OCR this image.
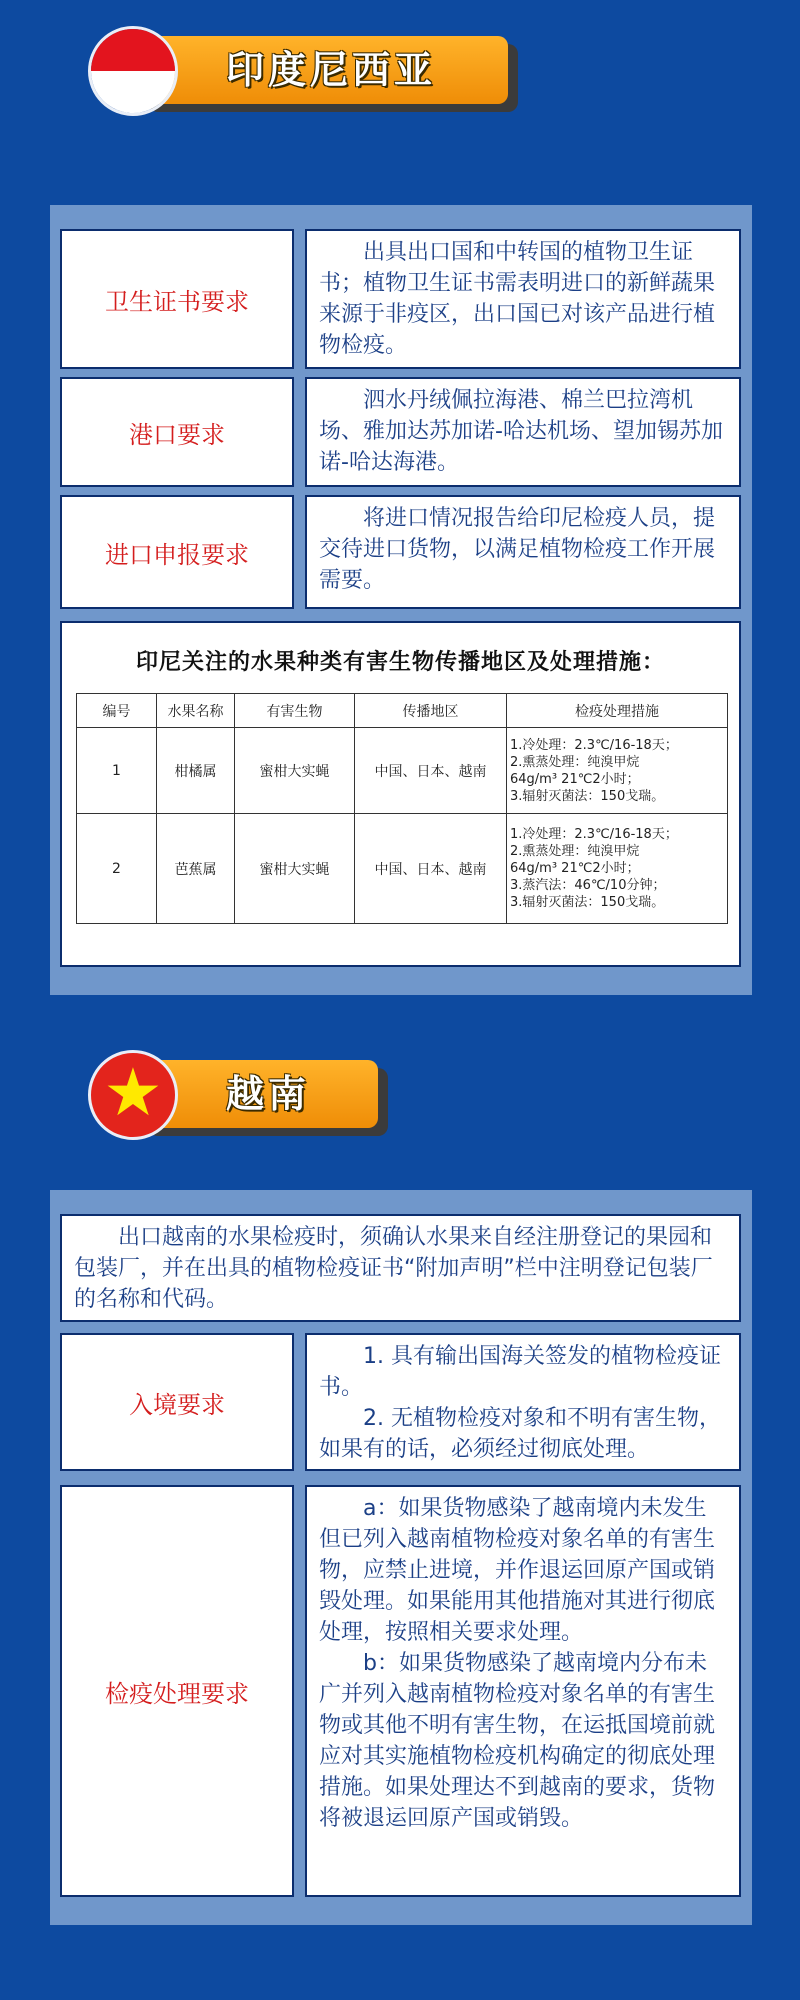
印度尼西亚
卫生证书要求
出具出口国和中转国的植物卫生证书；植物卫生证书需表明进口的新鲜蔬果来源于非疫区，出口国已对该产品进行植物检疫。
港口要求
泗水丹绒佩拉海港、棉兰巴拉湾机场、雅加达苏加诺-哈达机场、望加锡苏加诺-哈达海港。
进口申报要求
将进口情况报告给印尼检疫人员，提交待进口货物，以满足植物检疫工作开展需要。
印尼关注的水果种类有害生物传播地区及处理措施：
编号	水果名称	有害生物	传播地区	检疫处理措施
1	柑橘属	蜜柑大实蝇	中国、日本、越南	1.冷处理：2.3℃/16-18天；
2.熏蒸处理：纯溴甲烷
64g/m³ 21℃2小时；
3.辐射灭菌法：150戈瑞。

2	芭蕉属	蜜柑大实蝇	中国、日本、越南	1.冷处理：2.3℃/16-18天；
2.熏蒸处理：纯溴甲烷
64g/m³ 21℃2小时；
3.蒸汽法：46℃/10分钟；
3.辐射灭菌法：150戈瑞。
越南
★
出口越南的水果检疫时，须确认水果来自经注册登记的果园和包装厂，并在出具的植物检疫证书“附加声明”栏中注明登记包装厂的名称和代码。
入境要求

1. 具有输出国海关签发的植物检疫证书。

2. 无植物检疫对象和不明有害生物，如果有的话，必须经过彻底处理。

检疫处理要求

a：如果货物感染了越南境内未发生但已列入越南植物检疫对象名单的有害生物，应禁止进境，并作退运回原产国或销毁处理。如果能用其他措施对其进行彻底处理，按照相关要求处理。

b：如果货物感染了越南境内分布未广并列入越南植物检疫对象名单的有害生物或其他不明有害生物，在运抵国境前就应对其实施植物检疫机构确定的彻底处理措施。如果处理达不到越南的要求，货物将被退运回原产国或销毁。
